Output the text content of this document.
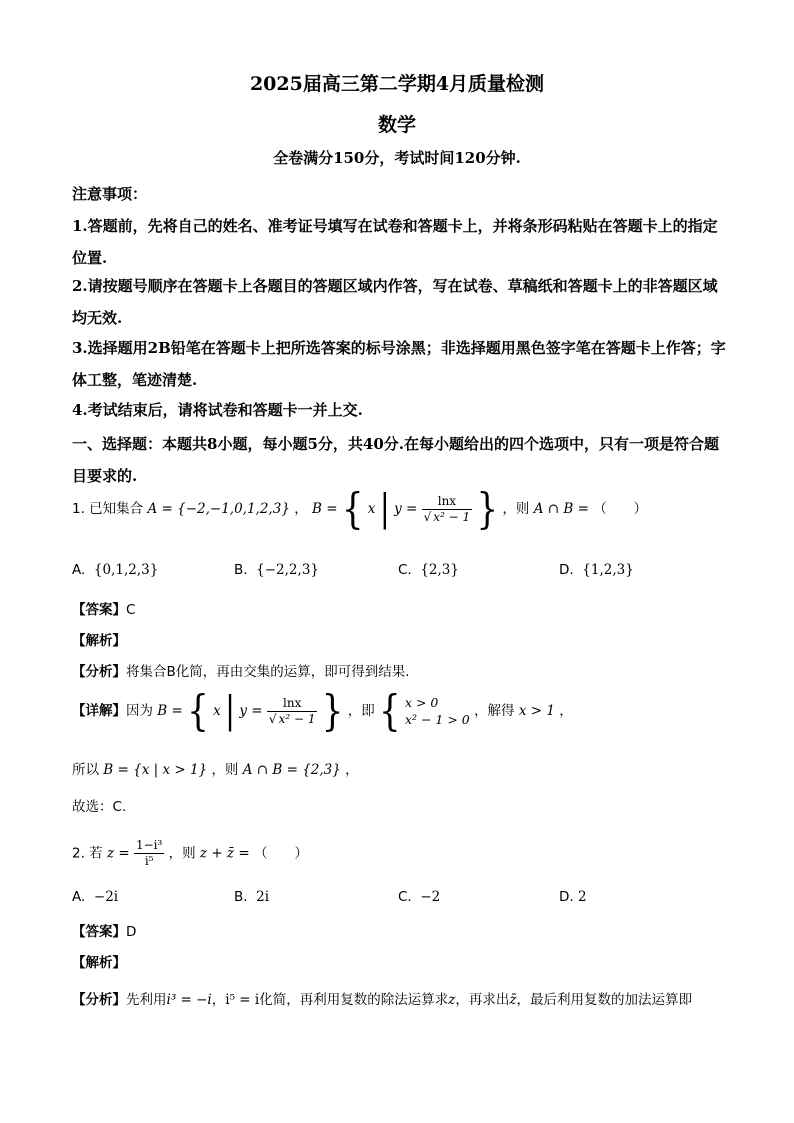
2025届高三第二学期4月质量检测
数学
全卷满分150分，考试时间120分钟.
注意事项：
1.答题前，先将自己的姓名、准考证号填写在试卷和答题卡上，并将条形码粘贴在答题卡上的指定位置.
2.请按题号顺序在答题卡上各题目的答题区域内作答，写在试卷、草稿纸和答题卡上的非答题区域均无效.
3.选择题用2B铅笔在答题卡上把所选答案的标号涂黑；非选择题用黑色签字笔在答题卡上作答；字体工整，笔迹清楚.
4.考试结束后，请将试卷和答题卡一并上交.
一、选择题：本题共8小题，每小题5分，共40分.在每小题给出的四个选项中，只有一项是符合题目要求的.
1. 已知集合 A = {−2,−1,0,1,2,3} ， B = { x | $y = \frac{\ln x}{\text{√ x² − 1}}$ } ，则 A ∩ B = （　　）
A. {0,1,2,3}	B. {−2,2,3}	C. {2,3}	D. {1,2,3}
【答案】C
【解析】
【分析】将集合B化简，再由交集的运算，即可得到结果.
【详解】因为 B = { x | $y = \frac{\ln x}{\text{√ x² − 1}}$ } ，即 { x > 0
x² − 1 > 0
，解得 x > 1 ，
所以 B = {x | x > 1} ，则 A ∩ B = {2,3} ，
故选：C.
2. 若 $z = \frac{\text{1−i³}}{\text{i⁵}}$ ，则 z + z̄ = （　　）
A. −2i	B. 2i	C. −2	D. 2
【答案】D
【解析】
【分析】先利用i³ = −i，i⁵ = i化简，再利用复数的除法运算求z，再求出z̄，最后利用复数的加法运算即
